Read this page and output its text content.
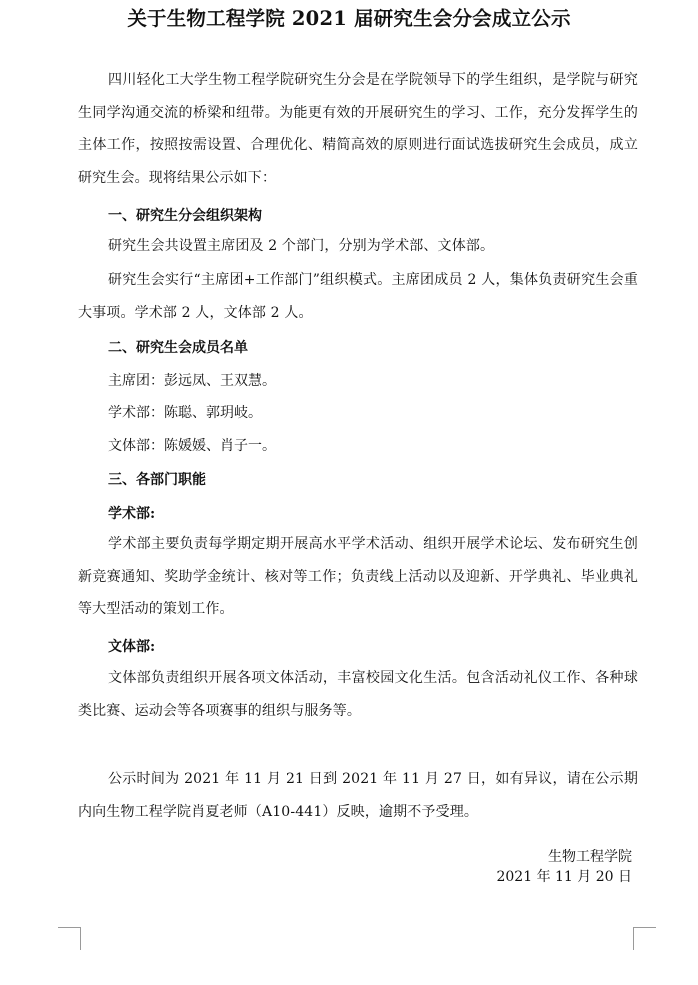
关于生物工程学院 2021 届研究生会分会成立公示

四川轻化工大学生物工程学院研究生分会是在学院领导下的学生组织，是学院与研究生同学沟通交流的桥梁和纽带。为能更有效的开展研究生的学习、工作，充分发挥学生的主体工作，按照按需设置、合理优化、精简高效的原则进行面试选拔研究生会成员，成立研究生会。现将结果公示如下：

一、研究生分会组织架构

研究生会共设置主席团及 2 个部门，分别为学术部、文体部。

研究生会实行“主席团+工作部门”组织模式。主席团成员 2 人，集体负责研究生会重大事项。学术部 2 人，文体部 2 人。

二、研究生会成员名单

主席团：彭远凤、王双慧。

学术部：陈聪、郭玥岐。

文体部：陈媛媛、肖子一。

三、各部门职能

学术部:

学术部主要负责每学期定期开展高水平学术活动、组织开展学术论坛、发布研究生创新竞赛通知、奖助学金统计、核对等工作；负责线上活动以及迎新、开学典礼、毕业典礼等大型活动的策划工作。

文体部:

文体部负责组织开展各项文体活动，丰富校园文化生活。包含活动礼仪工作、各种球类比赛、运动会等各项赛事的组织与服务等。

公示时间为 2021 年 11 月 21 日到 2021 年 11 月 27 日，如有异议，请在公示期内向生物工程学院肖夏老师（A10-441）反映，逾期不予受理。

生物工程学院

2021 年 11 月 20 日
